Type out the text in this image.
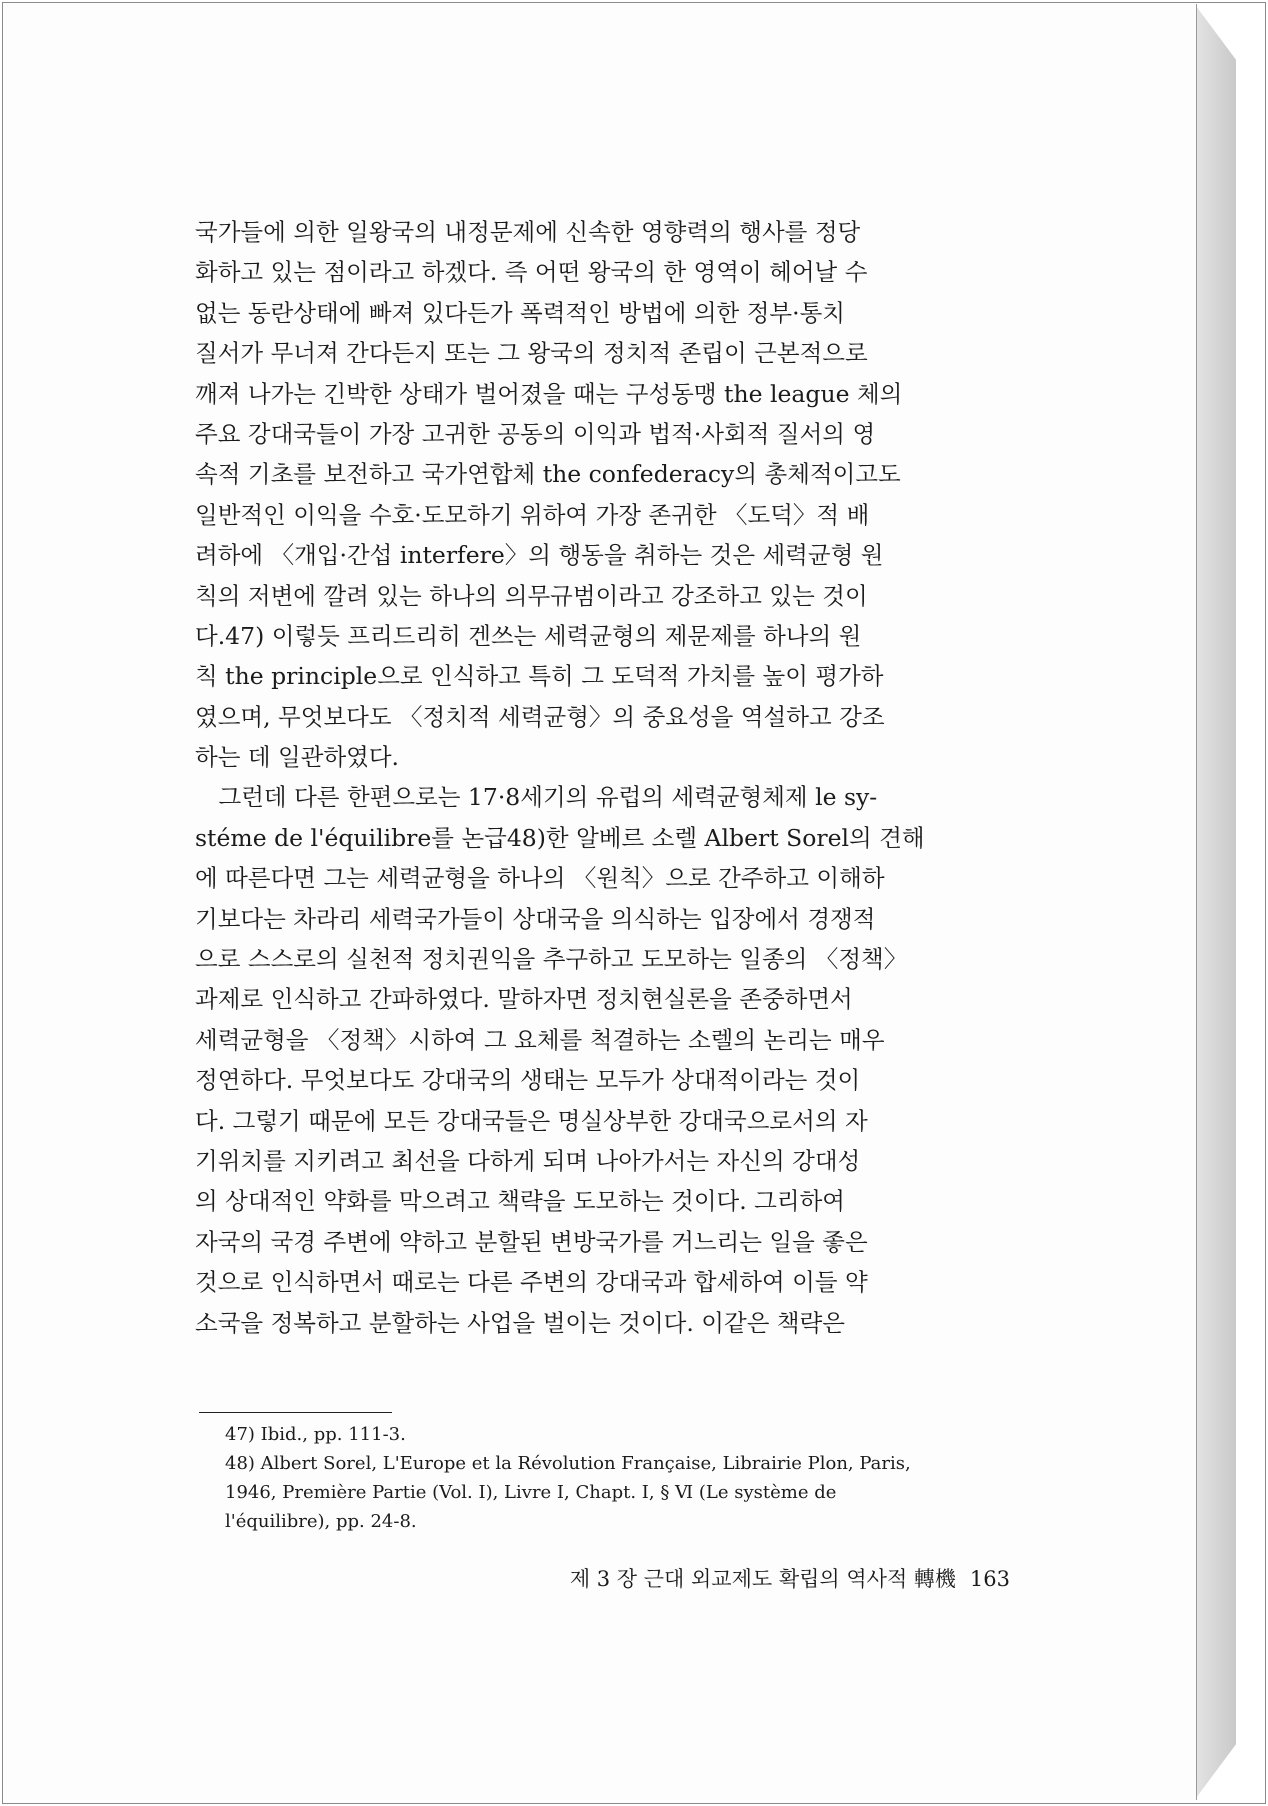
국가들에 의한 일왕국의 내정문제에 신속한 영향력의 행사를 정당
화하고 있는 점이라고 하겠다. 즉 어떤 왕국의 한 영역이 헤어날 수
없는 동란상태에 빠져 있다든가 폭력적인 방법에 의한 정부·통치
질서가 무너져 간다든지 또는 그 왕국의 정치적 존립이 근본적으로
깨져 나가는 긴박한 상태가 벌어졌을 때는 구성동맹 the league 체의
주요 강대국들이 가장 고귀한 공동의 이익과 법적·사회적 질서의 영
속적 기초를 보전하고 국가연합체 the confederacy의 총체적이고도
일반적인 이익을 수호·도모하기 위하여 가장 존귀한 〈도덕〉적 배
려하에 〈개입·간섭 interfere〉의 행동을 취하는 것은 세력균형 원
칙의 저변에 깔려 있는 하나의 의무규범이라고 강조하고 있는 것이
다.47) 이렇듯 프리드리히 겐쓰는 세력균형의 제문제를 하나의 원
칙 the principle으로 인식하고 특히 그 도덕적 가치를 높이 평가하
였으며, 무엇보다도 〈정치적 세력균형〉의 중요성을 역설하고 강조
하는 데 일관하였다.
　그런데 다른 한편으로는 17·8세기의 유럽의 세력균형체제 le sy-
stéme de l'équilibre를 논급48)한 알베르 소렐 Albert Sorel의 견해
에 따른다면 그는 세력균형을 하나의 〈원칙〉으로 간주하고 이해하
기보다는 차라리 세력국가들이 상대국을 의식하는 입장에서 경쟁적
으로 스스로의 실천적 정치권익을 추구하고 도모하는 일종의 〈정책〉
과제로 인식하고 간파하였다. 말하자면 정치현실론을 존중하면서
세력균형을 〈정책〉시하여 그 요체를 척결하는 소렐의 논리는 매우
정연하다. 무엇보다도 강대국의 생태는 모두가 상대적이라는 것이
다. 그렇기 때문에 모든 강대국들은 명실상부한 강대국으로서의 자
기위치를 지키려고 최선을 다하게 되며 나아가서는 자신의 강대성
의 상대적인 약화를 막으려고 책략을 도모하는 것이다. 그리하여
자국의 국경 주변에 약하고 분할된 변방국가를 거느리는 일을 좋은
것으로 인식하면서 때로는 다른 주변의 강대국과 합세하여 이들 약
소국을 정복하고 분할하는 사업을 벌이는 것이다. 이같은 책략은
47) Ibid., pp. 111-3.
48) Albert Sorel, L'Europe et la Révolution Française, Librairie Plon, Paris,
1946, Première Partie (Vol. Ⅰ), Livre Ⅰ, Chapt. Ⅰ, § Ⅵ (Le système de
l'équilibre), pp. 24-8.
제 3 장 근대 외교제도 확립의 역사적 轉機 163
